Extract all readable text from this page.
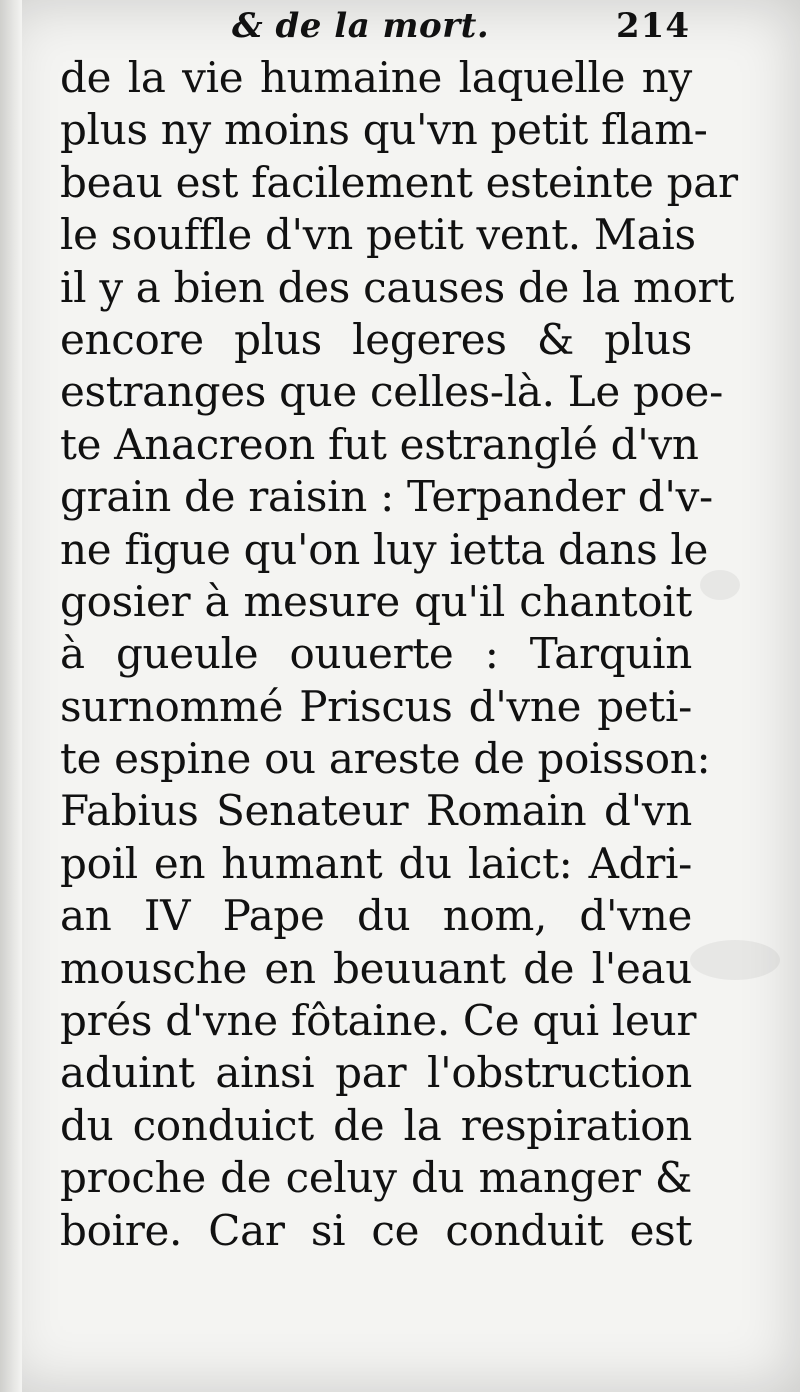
& de la mort.	214
de la vie humaine laquelle ny
plus ny moins qu'vn petit flam-
beau est facilement esteinte par
le souffle d'vn petit vent. Mais
il y a bien des causes de la mort
encore plus legeres & plus
estranges que celles-là. Le poe-
te Anacreon fut estranglé d'vn
grain de raisin : Terpander d'v-
ne figue qu'on luy ietta dans le
gosier à mesure qu'il chantoit
à gueule ouuerte : Tarquin
surnommé Priscus d'vne peti-
te espine ou areste de poisson:
Fabius Senateur Romain d'vn
poil en humant du laict: Adri-
an IV Pape du nom, d'vne
mousche en beuuant de l'eau
prés d'vne fôtaine. Ce qui leur
aduint ainsi par l'obstruction
du conduict de la respiration
proche de celuy du manger &
boire. Car si ce conduit est
